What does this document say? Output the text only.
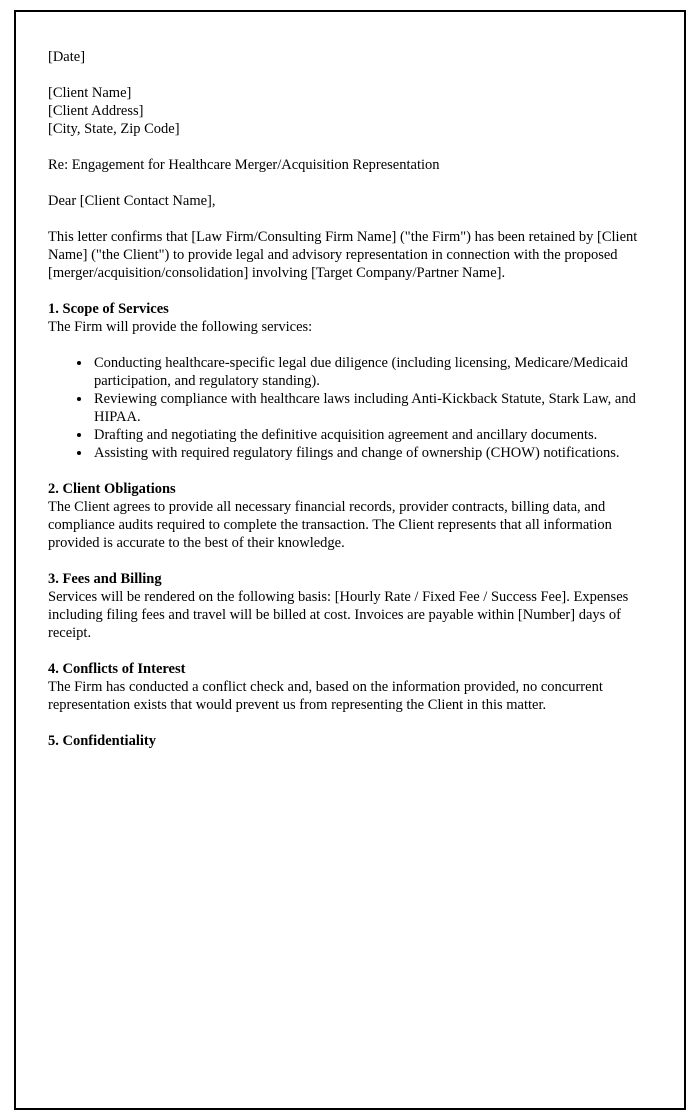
[Date]
[Client Name]
[Client Address]
[City, State, Zip Code]
Re: Engagement for Healthcare Merger/Acquisition Representation
Dear [Client Contact Name],
This letter confirms that [Law Firm/Consulting Firm Name] ("the Firm") has been retained by [Client Name] ("the Client") to provide legal and advisory representation in connection with the proposed [merger/acquisition/consolidation] involving [Target Company/Partner Name].
1. Scope of Services
The Firm will provide the following services:
• Conducting healthcare-specific legal due diligence (including licensing, Medicare/Medicaid participation, and regulatory standing).
• Reviewing compliance with healthcare laws including Anti-Kickback Statute, Stark Law, and HIPAA.
• Drafting and negotiating the definitive acquisition agreement and ancillary documents.
• Assisting with required regulatory filings and change of ownership (CHOW) notifications.
2. Client Obligations
The Client agrees to provide all necessary financial records, provider contracts, billing data, and compliance audits required to complete the transaction. The Client represents that all information provided is accurate to the best of their knowledge.
3. Fees and Billing
Services will be rendered on the following basis: [Hourly Rate / Fixed Fee / Success Fee]. Expenses including filing fees and travel will be billed at cost. Invoices are payable within [Number] days of receipt.
4. Conflicts of Interest
The Firm has conducted a conflict check and, based on the information provided, no concurrent representation exists that would prevent us from representing the Client in this matter.
5. Confidentiality
